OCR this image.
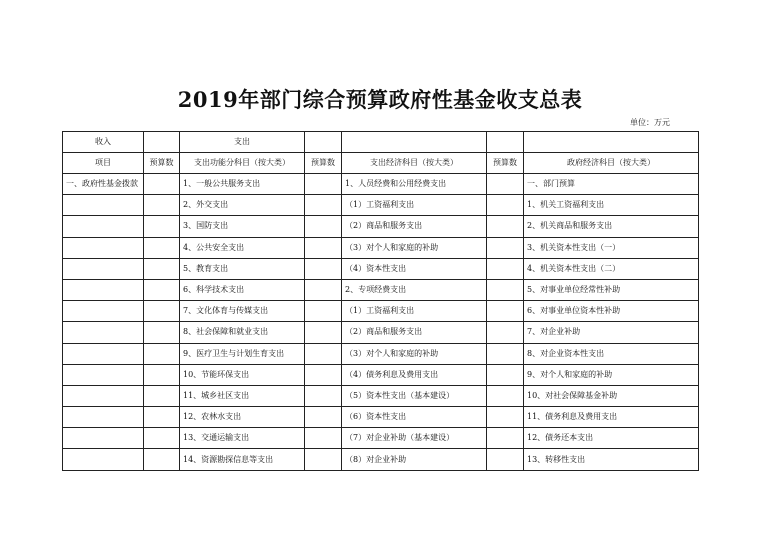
2019年部门综合预算政府性基金收支总表
单位：万元
收入		支出				
项目	预算数	支出功能分科目（按大类）	预算数	支出经济科目（按大类）	预算数	政府经济科目（按大类）
一、政府性基金拨款		1、一般公共服务支出		1、人员经费和公用经费支出		一、部门预算
		2、外交支出		（1）工资福利支出		1、机关工资福利支出
		3、国防支出		（2）商品和服务支出		2、机关商品和服务支出
		4、公共安全支出		（3）对个人和家庭的补助		3、机关资本性支出（一）
		5、教育支出		（4）资本性支出		4、机关资本性支出（二）
		6、科学技术支出		2、专项经费支出		5、对事业单位经常性补助
		7、文化体育与传媒支出		（1）工资福利支出		6、对事业单位资本性补助
		8、社会保障和就业支出		（2）商品和服务支出		7、对企业补助
		9、医疗卫生与计划生育支出		（3）对个人和家庭的补助		8、对企业资本性支出
		10、节能环保支出		（4）债务利息及费用支出		9、对个人和家庭的补助
		11、城乡社区支出		（5）资本性支出（基本建设）		10、对社会保障基金补助
		12、农林水支出		（6）资本性支出		11、债务利息及费用支出
		13、交通运输支出		（7）对企业补助（基本建设）		12、债务还本支出
		14、资源勘探信息等支出		（8）对企业补助		13、转移性支出
